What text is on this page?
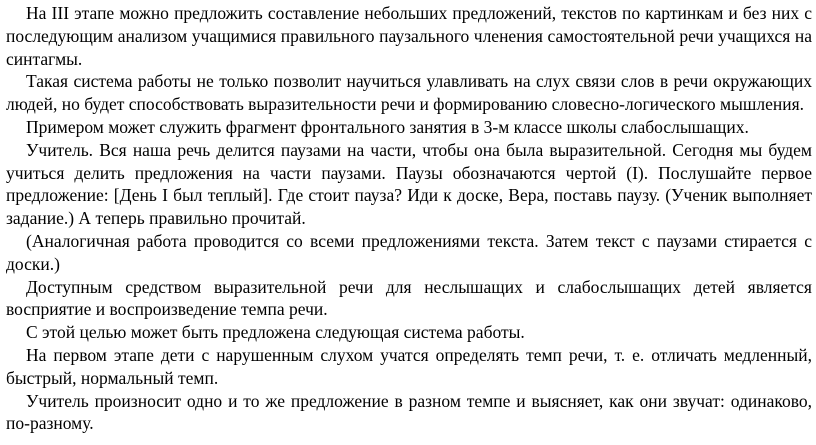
На III этапе можно предложить составление небольших предложений, текстов по картинкам и без них с последующим анализом учащимися правильного паузального членения самостоятельной речи учащихся на синтагмы.

Такая система работы не только позволит научиться улавливать на слух связи слов в речи окружающих людей, но будет способствовать выразительности речи и формированию словесно-логического мышления.

Примером может служить фрагмент фронтального занятия в 3-м классе школы слабослышащих.

Учитель. Вся наша речь делится паузами на части, чтобы она была выразительной. Сегодня мы будем учиться делить предложения на части паузами. Паузы обозначаются чертой (I). Послушайте первое предложение: [День I был теплый]. Где стоит пауза? Иди к доске, Вера, поставь паузу. (Ученик выполняет задание.) А теперь правильно прочитай.

(Аналогичная работа проводится со всеми предложениями текста. Затем текст с паузами стирается с доски.)

Доступным средством выразительной речи для неслышащих и слабослышащих детей является восприятие и воспроизведение темпа речи.

С этой целью может быть предложена следующая система работы.

На первом этапе дети с нарушенным слухом учатся определять темп речи, т. е. отличать медленный, быстрый, нормальный темп.

Учитель произносит одно и то же предложение в разном темпе и выясняет, как они звучат: одинаково, по-разному.
